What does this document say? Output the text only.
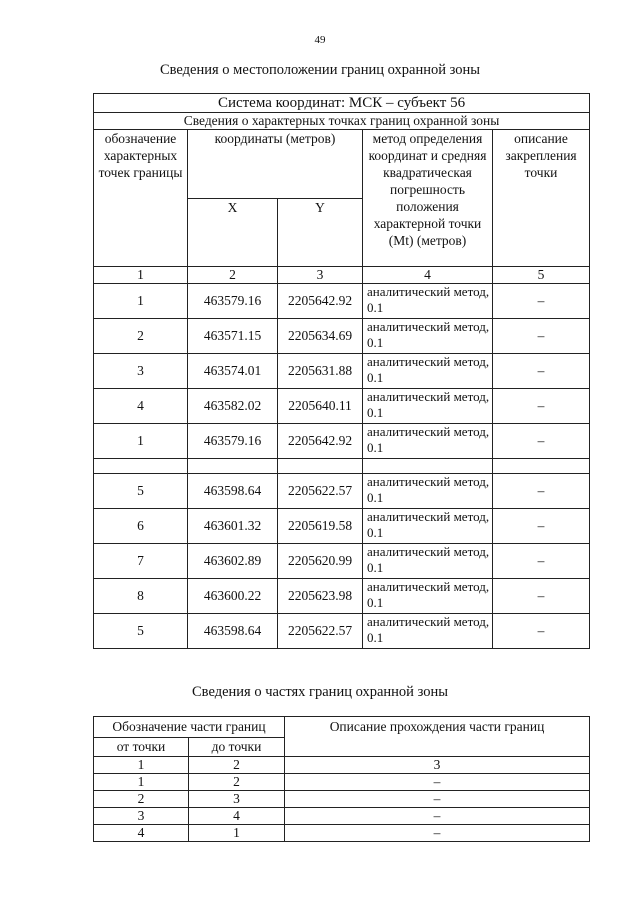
49
Сведения о местоположении границ охранной зоны
Система координат: МСК – субъект 56				
Сведения о характерных точках границ охранной зоны				
обозначение характерных точек границы	координаты (метров)		метод определения координат и средняя квадратическая погрешность положения характерной точки (Mt) (метров)	описание закрепления точки
	X	Y		
1	2	3	4	5
1	463579.16	2205642.92	аналитический метод, 0.1	–
2	463571.15	2205634.69	аналитический метод, 0.1	–
3	463574.01	2205631.88	аналитический метод, 0.1	–
4	463582.02	2205640.11	аналитический метод, 0.1	–
1	463579.16	2205642.92	аналитический метод, 0.1	–

5	463598.64	2205622.57	аналитический метод, 0.1	–
6	463601.32	2205619.58	аналитический метод, 0.1	–
7	463602.89	2205620.99	аналитический метод, 0.1	–
8	463600.22	2205623.98	аналитический метод, 0.1	–
5	463598.64	2205622.57	аналитический метод, 0.1	–
Сведения о частях границ охранной зоны
Обозначение части границ		Описание прохождения части границ
от точки	до точки	
1	2	3
1	2	–
2	3	–
3	4	–
4	1	–
